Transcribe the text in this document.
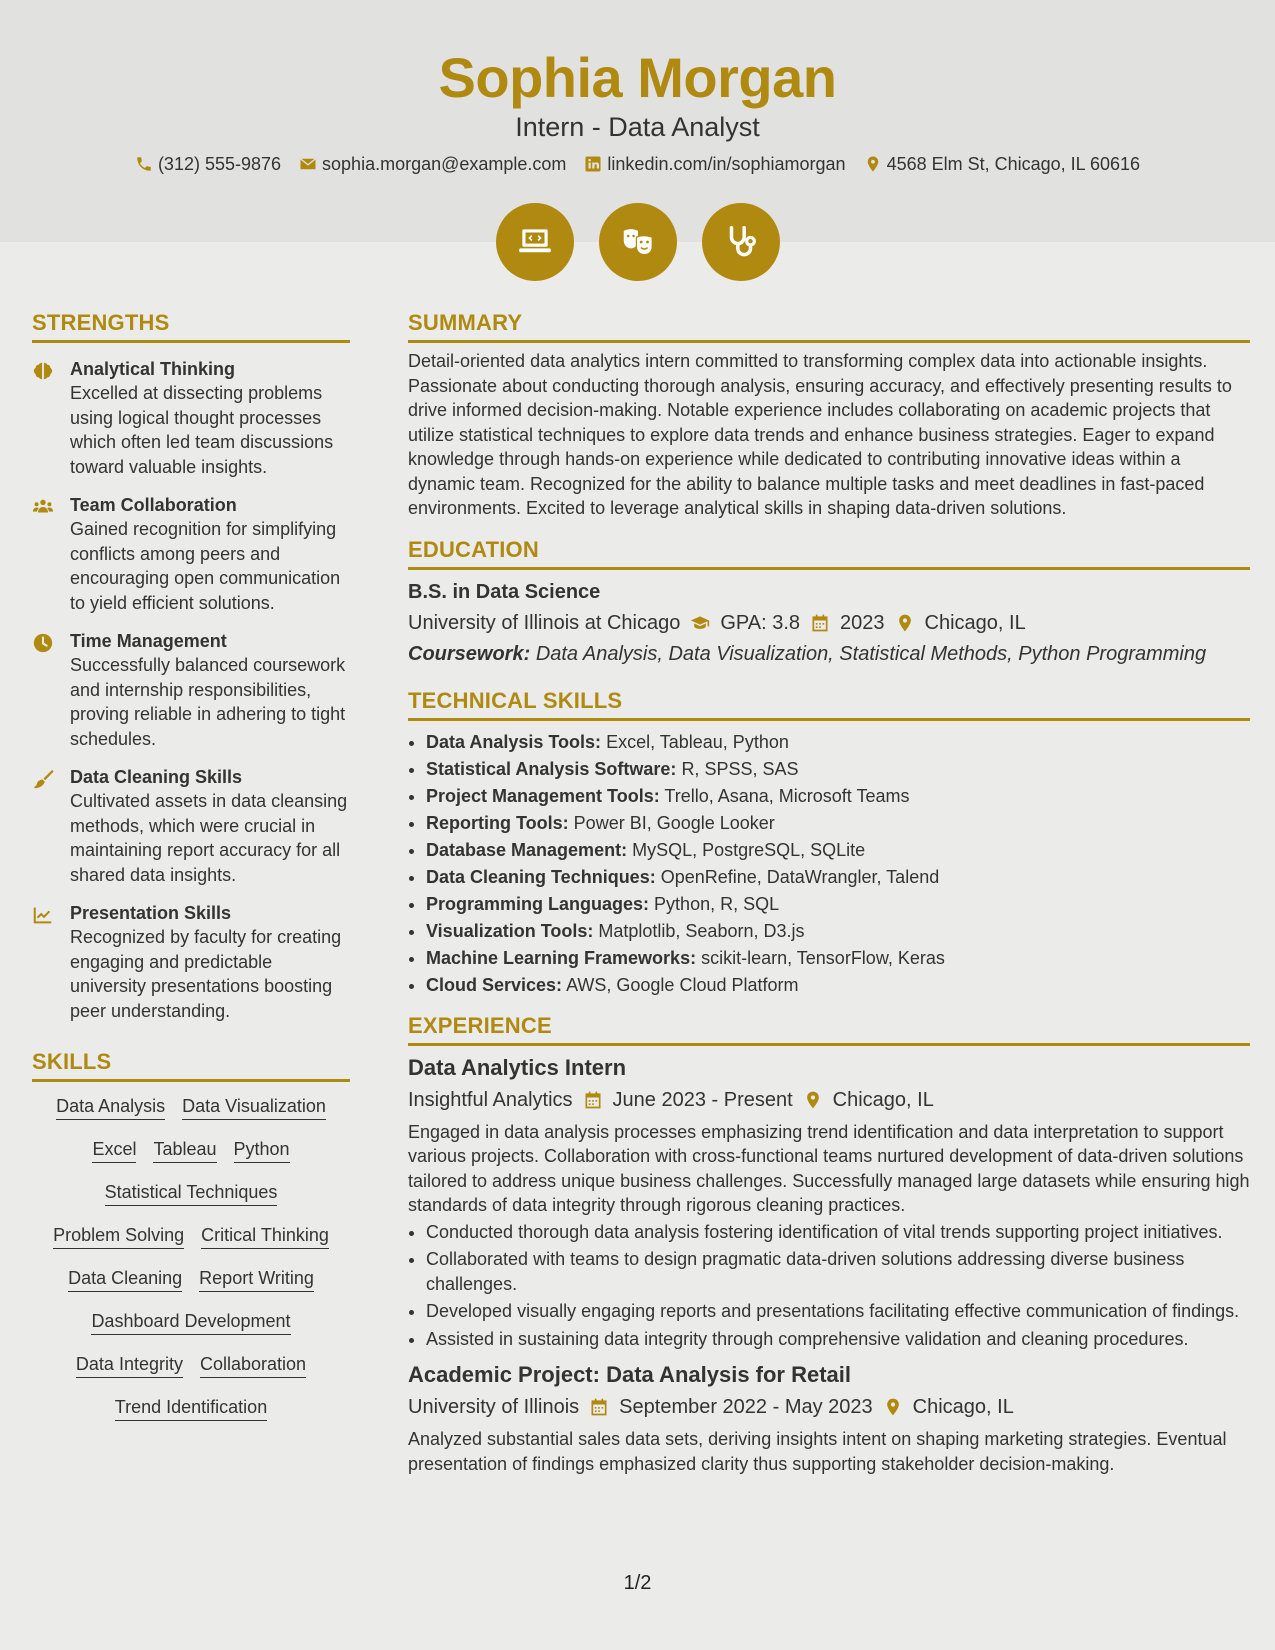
Sophia Morgan
Intern - Data Analyst
(312) 555-9876 sophia.morgan@example.com linkedin.com/in/sophiamorgan 4568 Elm St, Chicago, IL 60616
STRENGTHS
Analytical Thinking
Excelled at dissecting problems using logical thought processes which often led team discussions toward valuable insights.
Team Collaboration
Gained recognition for simplifying conflicts among peers and encouraging open communication to yield efficient solutions.
Time Management
Successfully balanced coursework and internship responsibilities, proving reliable in adhering to tight schedules.
Data Cleaning Skills
Cultivated assets in data cleansing methods, which were crucial in maintaining report accuracy for all shared data insights.
Presentation Skills
Recognized by faculty for creating engaging and predictable university presentations boosting peer understanding.
SKILLS
Data Analysis Data Visualization
Excel Tableau Python
Statistical Techniques
Problem Solving Critical Thinking
Data Cleaning Report Writing
Dashboard Development
Data Integrity Collaboration
Trend Identification
SUMMARY
Detail-oriented data analytics intern committed to transforming complex data into actionable insights. Passionate about conducting thorough analysis, ensuring accuracy, and effectively presenting results to drive informed decision-making. Notable experience includes collaborating on academic projects that utilize statistical techniques to explore data trends and enhance business strategies. Eager to expand knowledge through hands-on experience while dedicated to contributing innovative ideas within a dynamic team. Recognized for the ability to balance multiple tasks and meet deadlines in fast-paced environments. Excited to leverage analytical skills in shaping data-driven solutions.
EDUCATION
B.S. in Data Science
University of Illinois at Chicago GPA: 3.8 2023 Chicago, IL
Coursework: Data Analysis, Data Visualization, Statistical Methods, Python Programming
TECHNICAL SKILLS
• Data Analysis Tools: Excel, Tableau, Python
• Statistical Analysis Software: R, SPSS, SAS
• Project Management Tools: Trello, Asana, Microsoft Teams
• Reporting Tools: Power BI, Google Looker
• Database Management: MySQL, PostgreSQL, SQLite
• Data Cleaning Techniques: OpenRefine, DataWrangler, Talend
• Programming Languages: Python, R, SQL
• Visualization Tools: Matplotlib, Seaborn, D3.js
• Machine Learning Frameworks: scikit-learn, TensorFlow, Keras
• Cloud Services: AWS, Google Cloud Platform
EXPERIENCE
Data Analytics Intern
Insightful Analytics June 2023 - Present Chicago, IL
Engaged in data analysis processes emphasizing trend identification and data interpretation to support various projects. Collaboration with cross-functional teams nurtured development of data-driven solutions tailored to address unique business challenges. Successfully managed large datasets while ensuring high standards of data integrity through rigorous cleaning practices.
• Conducted thorough data analysis fostering identification of vital trends supporting project initiatives.
• Collaborated with teams to design pragmatic data-driven solutions addressing diverse business challenges.
• Developed visually engaging reports and presentations facilitating effective communication of findings.
• Assisted in sustaining data integrity through comprehensive validation and cleaning procedures.
Academic Project: Data Analysis for Retail
University of Illinois September 2022 - May 2023 Chicago, IL
Analyzed substantial sales data sets, deriving insights intent on shaping marketing strategies. Eventual presentation of findings emphasized clarity thus supporting stakeholder decision-making.
1/2
